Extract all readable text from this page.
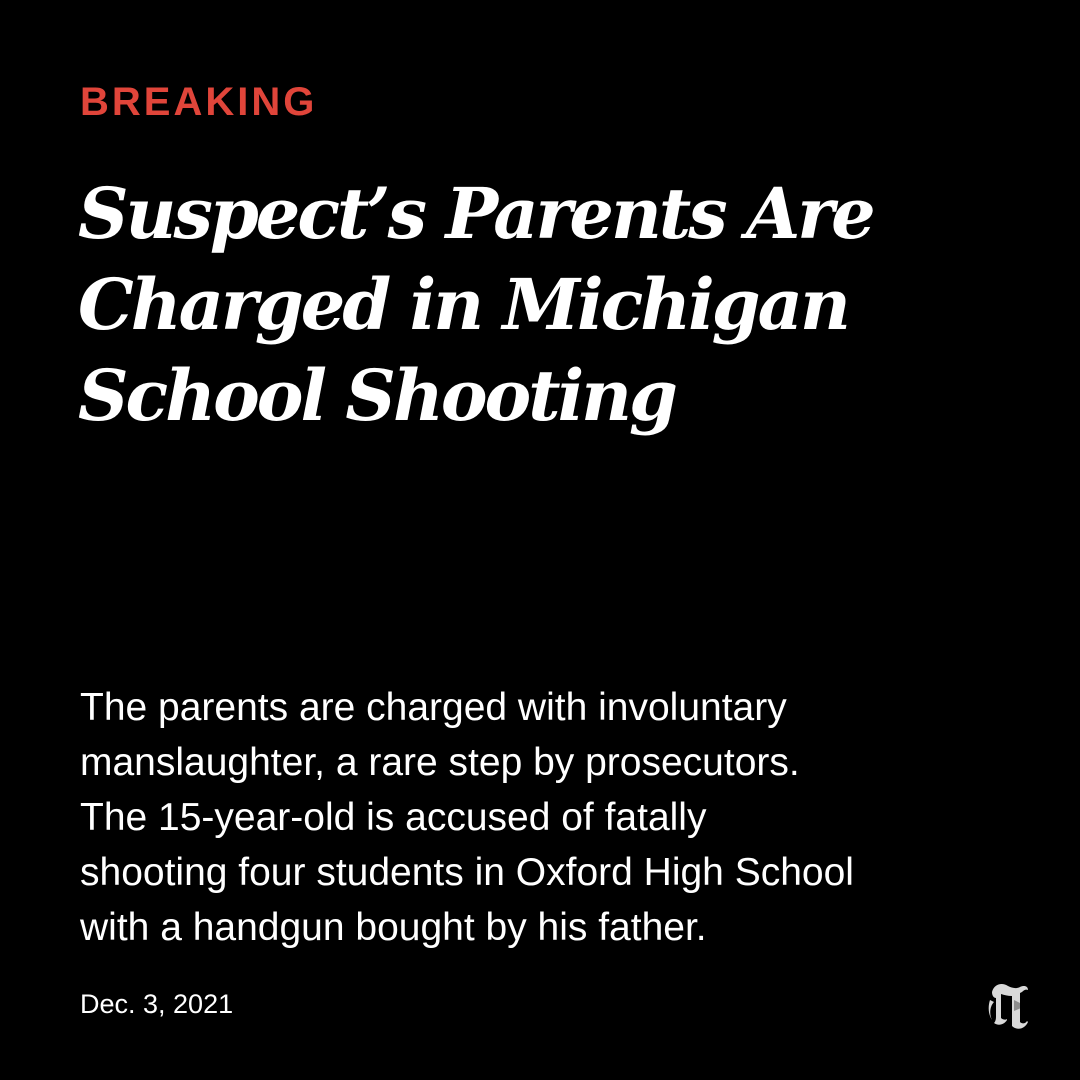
BREAKING

Suspect’s Parents Are
Charged in Michigan
School Shooting

The parents are charged with involuntary
manslaughter, a rare step by prosecutors.
The 15-year-old is accused of fatally
shooting four students in Oxford High School
with a handgun bought by his father.

Dec. 3, 2021
